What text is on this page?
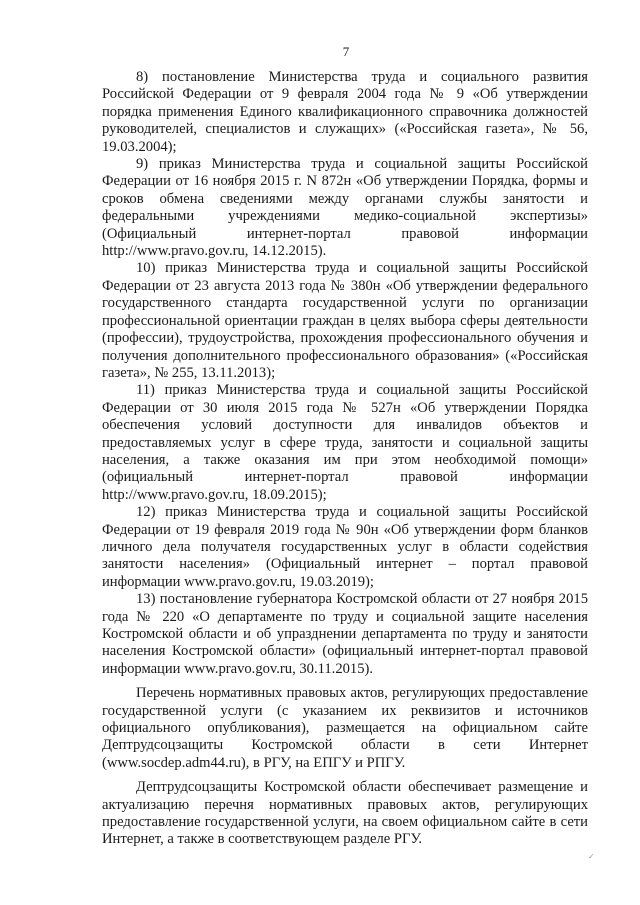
7

8) постановление Министерства труда и социального развития Российской Федерации от 9 февраля 2004 года № 9 «Об утверждении порядка применения Единого квалификационного справочника должностей руководителей, специалистов и служащих» («Российская газета», № 56, 19.03.2004);

9) приказ Министерства труда и социальной защиты Российской Федерации от 16 ноября 2015 г. N 872н «Об утверждении Порядка, формы и сроков обмена сведениями между органами службы занятости и федеральными учреждениями медико-социальной экспертизы» (Официальный интернет-портал правовой информации http://www.pravo.gov.ru, 14.12.2015).

10) приказ Министерства труда и социальной защиты Российской Федерации от 23 августа 2013 года № 380н «Об утверждении федерального государственного стандарта государственной услуги по организации профессиональной ориентации граждан в целях выбора сферы деятельности (профессии), трудоустройства, прохождения профессионального обучения и получения дополнительного профессионального образования» («Российская газета», № 255, 13.11.2013);

11) приказ Министерства труда и социальной защиты Российской Федерации от 30 июля 2015 года № 527н «Об утверждении Порядка обеспечения условий доступности для инвалидов объектов и предоставляемых услуг в сфере труда, занятости и социальной защиты населения, а также оказания им при этом необходимой помощи» (официальный интернет-портал правовой информации http://www.pravo.gov.ru, 18.09.2015);

12) приказ Министерства труда и социальной защиты Российской Федерации от 19 февраля 2019 года № 90н «Об утверждении форм бланков личного дела получателя государственных услуг в области содействия занятости населения» (Официальный интернет – портал правовой информации www.pravo.gov.ru, 19.03.2019);

13) постановление губернатора Костромской области от 27 ноября 2015 года № 220 «О департаменте по труду и социальной защите населения Костромской области и об упразднении департамента по труду и занятости населения Костромской области» (официальный интернет-портал правовой информации www.pravo.gov.ru, 30.11.2015).

Перечень нормативных правовых актов, регулирующих предоставление государственной услуги (с указанием их реквизитов и источников официального опубликования), размещается на официальном сайте Дептрудсоцзащиты Костромской области в сети Интернет (www.socdep.adm44.ru), в РГУ, на ЕПГУ и РПГУ.

Дептрудсоцзащиты Костромской области обеспечивает размещение и актуализацию перечня нормативных правовых актов, регулирующих предоставление государственной услуги, на своем официальном сайте в сети Интернет, а также в соответствующем разделе РГУ.

✓
